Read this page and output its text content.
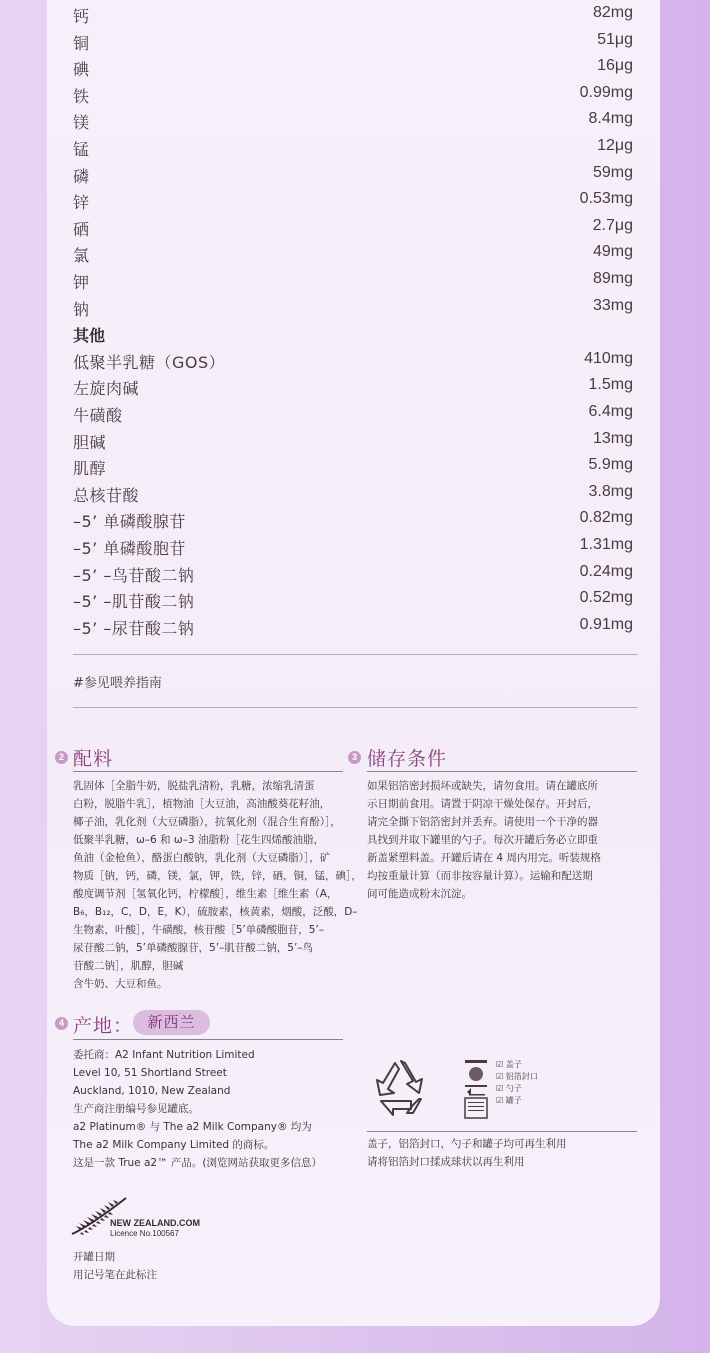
钙	82mg
铜	51μg
碘	16μg
铁	0.99mg
镁	8.4mg
锰	12μg
磷	59mg
锌	0.53mg
硒	2.7μg
氯	49mg
钾	89mg
钠	33mg
其他
低聚半乳糖（GOS）	410mg
左旋肉碱	1.5mg
牛磺酸	6.4mg
胆碱	13mg
肌醇	5.9mg
总核苷酸	3.8mg
–5’ 单磷酸腺苷	0.82mg
–5’ 单磷酸胞苷	1.31mg
–5’ –鸟苷酸二钠	0.24mg
–5’ –肌苷酸二钠	0.52mg
–5’ –尿苷酸二钠	0.91mg
#参见喂养指南
2 配料
乳固体［全脂牛奶，脱盐乳清粉，乳糖，浓缩乳清蛋
白粉，脱脂牛乳］，植物油［大豆油，高油酸葵花籽油，
椰子油，乳化剂（大豆磷脂），抗氧化剂（混合生育酚）］，
低聚半乳糖，ω–6 和 ω–3 油脂粉［花生四烯酸油脂，
鱼油（金枪鱼），酪蛋白酸钠，乳化剂（大豆磷脂）］，矿
物质［钠，钙，磷，镁，氯，钾，铁，锌，硒，铜，锰，碘］，
酸度调节剂［氢氧化钙，柠檬酸］，维生素［维生素（A，
B₆，B₁₂，C，D，E，K），硫胺素，核黄素，烟酸，泛酸，D–
生物素，叶酸］，牛磺酸，核苷酸［5’单磷酸胞苷，5’–
尿苷酸二钠，5’单磷酸腺苷，5’–肌苷酸二钠，5’–鸟
苷酸二钠］，肌醇，胆碱
含牛奶、大豆和鱼。
3 储存条件
如果铝箔密封损坏或缺失，请勿食用。请在罐底所
示日期前食用。请置于阴凉干燥处保存。开封后，
请完全撕下铝箔密封并丢弃。请使用一个干净的器
具找到并取下罐里的勺子。每次开罐后务必立即重
新盖紧塑料盖。开罐后请在 4 周内用完。听装规格
均按重量计算（而非按容量计算）。运输和配送期
间可能造成粉末沉淀。
4 产地： 新西兰
委托商：A2 Infant Nutrition Limited
Level 10, 51 Shortland Street
Auckland, 1010, New Zealand
生产商注册编号参见罐底。
a2 Platinum® 与 The a2 Milk Company® 均为
The a2 Milk Company Limited 的商标。
这是一款 True a2™ 产品。(浏览网站获取更多信息）
☑ 盖子
☑ 铝箔封口
☑ 勺子
☑ 罐子
盖子，铝箔封口，勺子和罐子均可再生利用
请将铝箔封口揉成球状以再生利用
NEW ZEALAND.COM
Licence No.100567
开罐日期
用记号笔在此标注
